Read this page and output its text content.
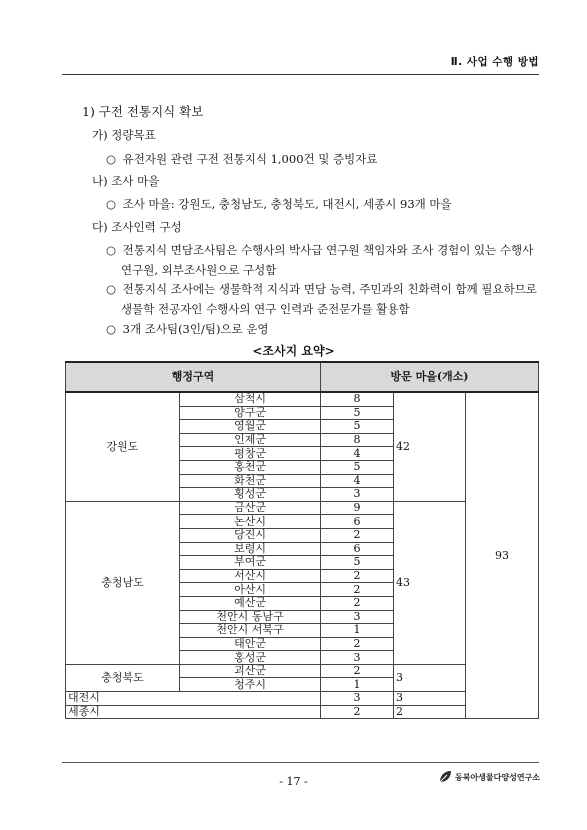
Ⅱ. 사업 수행 방법
1) 구전 전통지식 확보
가) 정량목표
○ 유전자원 관련 구전 전통지식 1,000건 및 증빙자료
나) 조사 마을
○ 조사 마을: 강원도, 충청남도, 충청북도, 대전시, 세종시 93개 마을
다) 조사인력 구성
○ 전통지식 면담조사팀은 수행사의 박사급 연구원 책임자와 조사 경험이 있는 수행사
연구원, 외부조사원으로 구성함
○ 전통지식 조사에는 생물학적 지식과 면담 능력, 주민과의 친화력이 함께 필요하므로
생물학 전공자인 수행사의 연구 인력과 준전문가를 활용함
○ 3개 조사팀(3인/팀)으로 운영
<조사지 요약>
행정구역		방문 마을(개소)		
강원도	삼척시	8	42	93
	양구군	5		
	영월군	5		
	인제군	8		
	평창군	4		
	홍천군	5		
	화천군	4		
	횡성군	3		
충청남도	금산군	9	43	
	논산시	6		
	당진시	2		
	보령시	6		
	부여군	5		
	서산시	2		
	아산시	2		
	예산군	2		
	천안시 동남구	3		
	천안시 서북구	1		
	태안군	2		
	홍성군	3		
충청북도	괴산군	2	3	
	청주시	1		
대전시		3	3	
세종시		2	2	
- 17 -	동북아생물다양성연구소
